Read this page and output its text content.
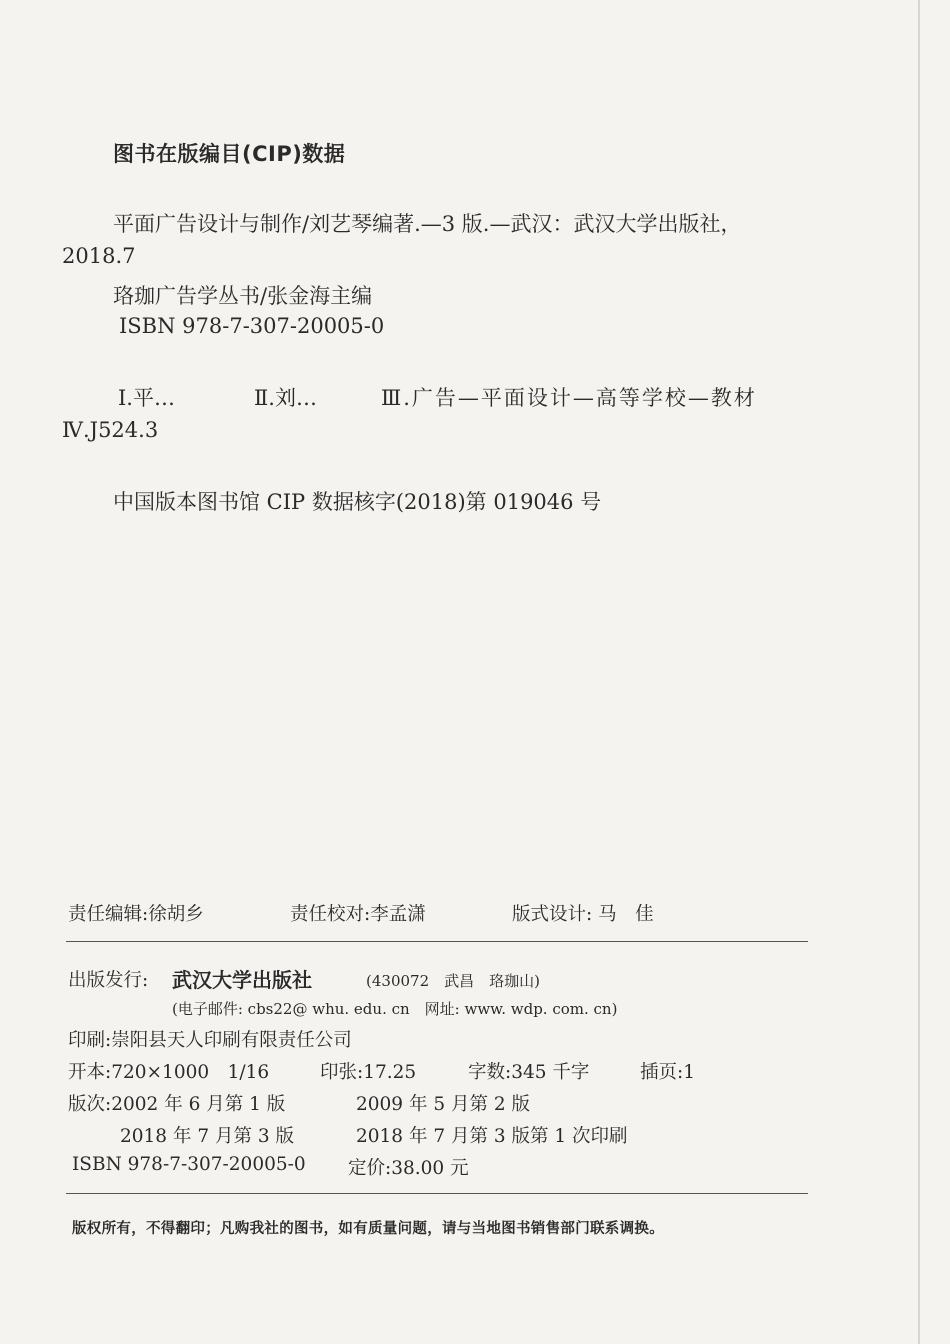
图书在版编目(CIP)数据
平面广告设计与制作/刘艺琴编著.—3 版.—武汉：武汉大学出版社，
2018.7
珞珈广告学丛书/张金海主编
ISBN 978-7-307-20005-0
Ⅰ.平…	Ⅱ.刘…	Ⅲ.广告—平面设计—高等学校—教材
Ⅳ.J524.3
中国版本图书馆 CIP 数据核字(2018)第 019046 号
责任编辑:徐胡乡	责任校对:李孟潇	版式设计: 马　佳
出版发行: 武汉大学出版社	(430072　武昌　珞珈山)
(电子邮件: cbs22@ whu. edu. cn　网址: www. wdp. com. cn)
印刷:崇阳县天人印刷有限责任公司
开本:720×1000　1/16	印张:17.25	字数:345 千字	插页:1
版次:2002 年 6 月第 1 版	2009 年 5 月第 2 版
2018 年 7 月第 3 版	2018 年 7 月第 3 版第 1 次印刷
ISBN 978-7-307-20005-0 定价:38.00 元
版权所有，不得翻印；凡购我社的图书，如有质量问题，请与当地图书销售部门联系调换。
